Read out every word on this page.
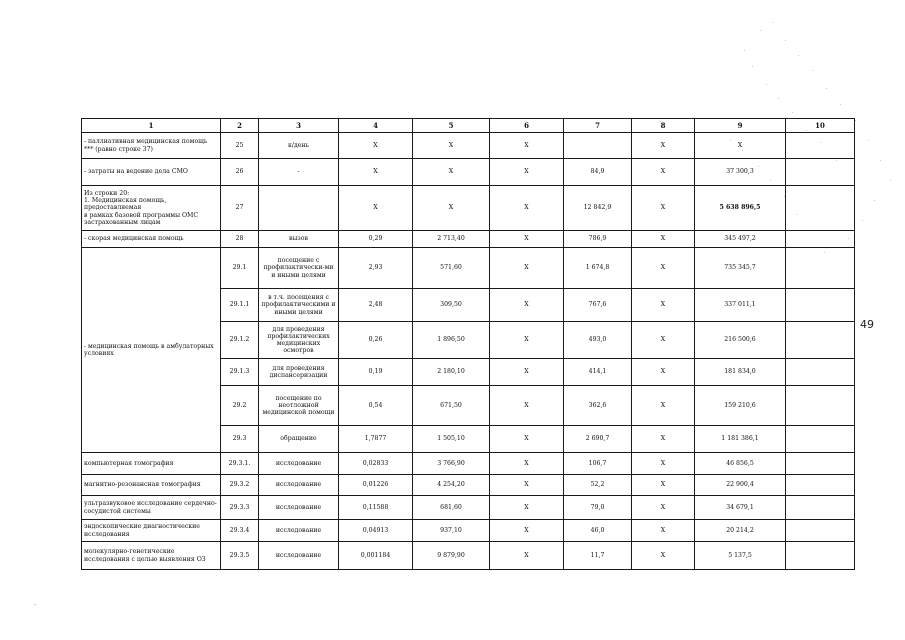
1	2	3	4	5	6	7	8	9	10
- паллиативная медицинская помощь *** (равно строке 37)	25	к/день	X	X	X		X	X	
- затраты на ведение дела СМО	26	-	X	X	X	84,9	X	37 300,3	
Из строки 20:
1. Медицинская помощь, предоставляемая
в рамках базовой программы ОМС застрахованным лицам	27		X	X	X	12 842,9	X	5 638 896,5	
- скорая медицинская помощь	28	вызов	0,29	2 713,40	X	786,9	X	345 497,2	
- медицинская помощь в амбулаторных условиях	29.1	посещение с профилактически-ми и иными целями	2,93	571,60	X	1 674,8	X	735 345,7	
	29.1.1	в т.ч. посещения с профилактическими и иными целями	2,48	309,50	X	767,6	X	337 011,1	
	29.1.2	для проведения профилактических медицинских осмотров	0,26	1 896,50	X	493,0	X	216 500,6	
	29.1.3	для проведения диспансеризации	0,19	2 180,10	X	414,1	X	181 834,0	
	29.2	посещение по неотложной медицинской помощи	0,54	671,50	X	362,6	X	159 210,6	
	29.3	обращение	1,7877	1 505,10	X	2 690,7	X	1 181 386,1	
компьютерная томография	29.3.1.	исследование	0,02833	3 766,90	X	106,7	X	46 856,5	
магнитно-резонансная томография	29.3.2	исследование	0,01226	4 254,20	X	52,2	X	22 900,4	
ультразвуковое исследование сердечно-сосудистой системы	29.3.3	исследование	0,11588	681,60	X	79,0	X	34 679,1	
эндоскопические диагностические исследования	29.3.4	исследование	0,04913	937,10	X	46,0	X	20 214,2	
молекулярно-генетические исследования с целью выявления ОЗ	29.3.5	исследование	0,001184	9 879,90	X	11,7	X	5 137,5	
49
